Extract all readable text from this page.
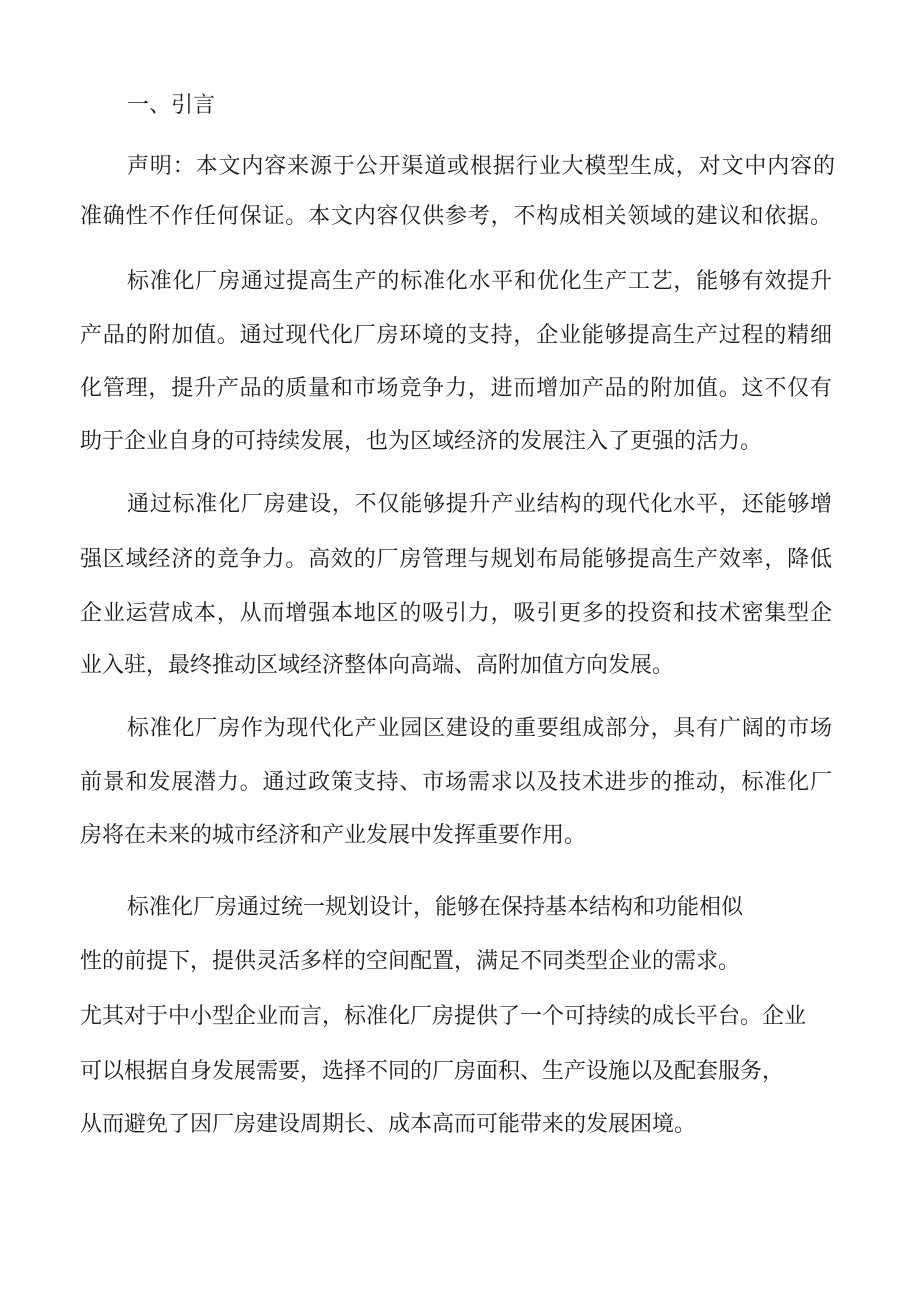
一、引言
声明：本文内容来源于公开渠道或根据行业大模型生成，对文中内容的
准确性不作任何保证。本文内容仅供参考，不构成相关领域的建议和依据。
标准化厂房通过提高生产的标准化水平和优化生产工艺，能够有效提升
产品的附加值。通过现代化厂房环境的支持，企业能够提高生产过程的精细
化管理，提升产品的质量和市场竞争力，进而增加产品的附加值。这不仅有
助于企业自身的可持续发展，也为区域经济的发展注入了更强的活力。
通过标准化厂房建设，不仅能够提升产业结构的现代化水平，还能够增
强区域经济的竞争力。高效的厂房管理与规划布局能够提高生产效率，降低
企业运营成本，从而增强本地区的吸引力，吸引更多的投资和技术密集型企
业入驻，最终推动区域经济整体向高端、高附加值方向发展。
标准化厂房作为现代化产业园区建设的重要组成部分，具有广阔的市场
前景和发展潜力。通过政策支持、市场需求以及技术进步的推动，标准化厂
房将在未来的城市经济和产业发展中发挥重要作用。
标准化厂房通过统一规划设计，能够在保持基本结构和功能相似
性的前提下，提供灵活多样的空间配置，满足不同类型企业的需求。
尤其对于中小型企业而言，标准化厂房提供了一个可持续的成长平台。企业
可以根据自身发展需要，选择不同的厂房面积、生产设施以及配套服务，
从而避免了因厂房建设周期长、成本高而可能带来的发展困境。
